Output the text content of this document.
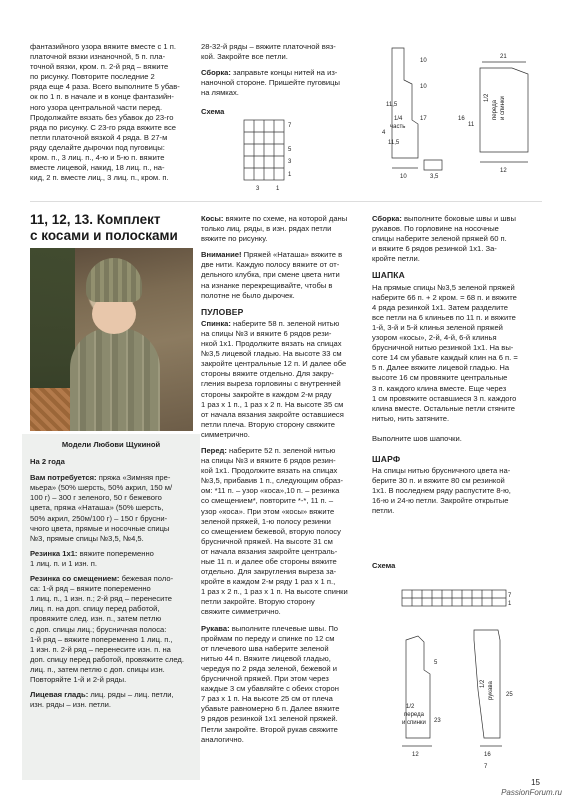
фантазийного узора вяжите вместе с 1 п.
платочной вязки изнаночной, 5 п. пла-
точной вязки, кром. п. 2-й ряд – вяжите
по рисунку. Повторите последние 2
ряда еще 4 раза. Всего выполните 5 убав-
ок по 1 п. в начале и в конце фантазийн-
ного узора центральной части перед.
Продолжайте вязать без убавок до 23-го
ряда по рисунку. С 23-го ряда вяжите все
петли платочной вязкой 4 ряда. В 27-м
ряду сделайте дырочки под пуговицы:
кром. п., 3 лиц. п., 4-ю и 5-ю п. вяжите
вместе лицевой, накид, 18 лиц. п., на-
кид, 2 п. вместе лиц., 3 лиц. п., кром. п.
28-32-й ряды – вяжите платочной вяз-
кой. Закройте все петли.
Сборка: заправьте концы нитей на из-
наночной стороне. Пришейте пуговицы
на лямках.
Схема
7
5
3
1
3	1
21
10
10
16
17
11,5
1/4
часть
4
11,5
10	3,5
11
1/2
переда и спинки
12
11, 12, 13. Комплект
с косами и полосками
Модели Любови Щукиной
На 2 года
Вам потребуется: пряжа «Зимняя пре-
мьера» (50% шерсть, 50% акрил, 150 м/
100 г) – 300 г зеленого, 50 г бежевого
цвета, пряжа «Наташа» (50% шерсть,
50% акрил, 250м/100 г) – 150 г брусни-
чного цвета, прямые и носочные спицы
№3, прямые спицы №3,5, №4,5.
Резинка 1х1: вяжите попеременно
1 лиц. п. и 1 изн. п.
Резинка со смещением: бежевая поло-
са: 1-й ряд – вяжите попеременно
1 лиц. п., 1 изн. п.; 2-й ряд – перенесите
лиц. п. на доп. спицу перед работой,
провяжите след. изн. п., затем петлю
с доп. спицы лиц.; брусничная полоса:
1-й ряд – вяжите попеременно 1 лиц. п.,
1 изн. п. 2-й ряд – перенесите изн. п. на
доп. спицу перед работой, провяжите след.
лиц. п., затем петлю с доп. спицы изн.
Повторяйте 1-й и 2-й ряды.
Лицевая гладь: лиц. ряды – лиц. петли,
изн. ряды – изн. петли.
Косы: вяжите по схеме, на которой даны
только лиц. ряды, в изн. рядах петли
вяжите по рисунку.
Внимание! Пряжей «Наташа» вяжите в
две нити. Каждую полосу вяжите от от-
дельного клубка, при смене цвета нити
на изнанке перекрещивайте, чтобы в
полотне не было дырочек.
ПУЛОВЕР
Спинка: наберите 58 п. зеленой нитью
на спицы №3 и вяжите 6 рядов рези-
нкой 1х1. Продолжите вязать на спицах
№3,5 лицевой гладью. На высоте 33 см
закройте центральные 12 п. И далее обе
стороны вяжите отдельно. Для закру-
гления выреза горловины с внутренней
стороны закройте в каждом 2-м ряду
1 раз х 1 п., 1 раз х 2 п. На высоте 35 см
от начала вязания закройте оставшиеся
петли плеча. Вторую сторону свяжите
симметрично.
Перед: наберите 52 п. зеленой нитью
на спицы №3 и вяжите 6 рядов резин-
кой 1х1. Продолжите вязать на спицах
№3,5, прибавив 1 п., следующим образ-
ом: *11 п. – узор «коса»,10 п. – резинка
со смещением*, повторите *-*, 11 п. –
узор «коса». При этом «косы» вяжите
зеленой пряжей, 1-ю полосу резинки
со смещением бежевой, вторую полосу
брусничной пряжей. На высоте 31 см
от начала вязания закройте централь-
ные 11 п. и далее обе стороны вяжите
отдельно. Для закругления выреза за-
кройте в каждом 2-м ряду 1 раз х 1 п.,
1 раз х 2 п., 1 раз х 1 п. На высоте спинки
петли закройте. Вторую сторону
свяжите симметрично.
Рукава: выполните плечевые швы. По
проймам по переду и спинке по 12 см
от плечевого шва наберите зеленой
нитью 44 п. Вяжите лицевой гладью,
чередуя по 2 ряда зеленой, бежевой и
брусничной пряжей. При этом через
каждые 3 см убавляйте с обеих сторон
7 раз х 1 п. На высоте 25 см от плеча
убавьте равномерно 6 п. Далее вяжите
9 рядов резинкой 1х1 зеленой пряжей.
Петли закройте. Второй рукав свяжите
аналогично.
Сборка: выполните боковые швы и швы
рукавов. По горловине на носочные
спицы наберите зеленой пряжей 60 п.
и вяжите 6 рядов резинкой 1х1. За-
кройте петли.
ШАПКА
На прямые спицы №3,5 зеленой пряжей
наберите 66 п. + 2 кром. = 68 п. и вяжите
4 ряда резинкой 1х1. Затем разделите
все петли на 6 клиньев по 11 п. и вяжите
1-й, 3-й и 5-й клинья зеленой пряжей
узором «косы», 2-й, 4-й, 6-й клинья
брусничной нитью резинкой 1х1. На вы-
соте 14 см убавьте каждый клин на 6 п. =
5 п. Далее вяжите лицевой гладью. На
высоте 16 см провяжите центральные
3 п. каждого клина вместе. Еще через
1 см провяжите оставшиеся 3 п. каждого
клина вместе. Остальные петли стяните
нитью, нить затяните.
Выполните шов шапочки.
ШАРФ
На спицы нитью брусничного цвета на-
берите 30 п. и вяжите 80 см резинкой
1х1. В последнем ряду распустите 8-ю,
16-ю и 24-ю петли. Закройте открытые
петли.
Схема
7
1
1/2
переда
и спинки
1/2 рукава 25
23
5
12	16
7
15
PassionForum.ru
